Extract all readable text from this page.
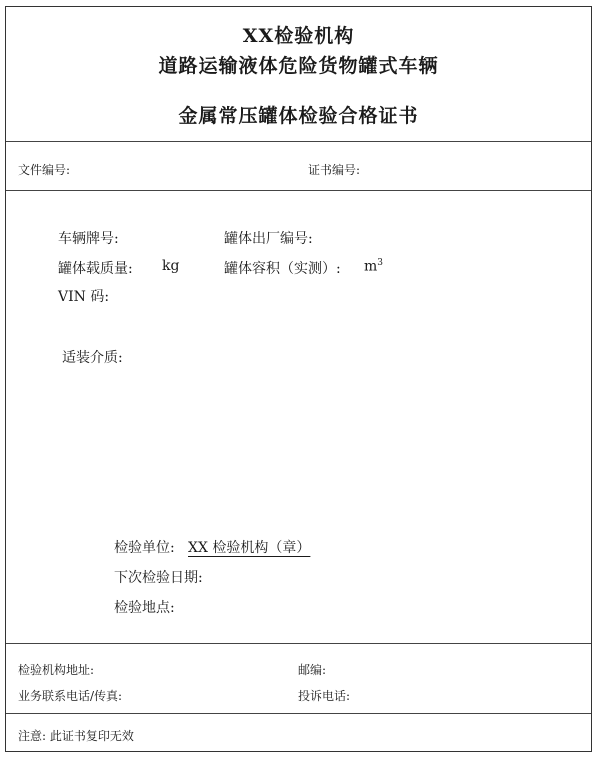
XX检验机构
道路运输液体危险货物罐式车辆
金属常压罐体检验合格证书
文件编号:	证书编号:
车辆牌号:	罐体出厂编号:
罐体载质量: kg	罐体容积（实测）: $m^3$
VIN 码:
适装介质:
检验单位: XX 检验机构（章）
下次检验日期:
检验地点:
检验机构地址:	邮编:
业务联系电话/传真:	投诉电话:
注意: 此证书复印无效
